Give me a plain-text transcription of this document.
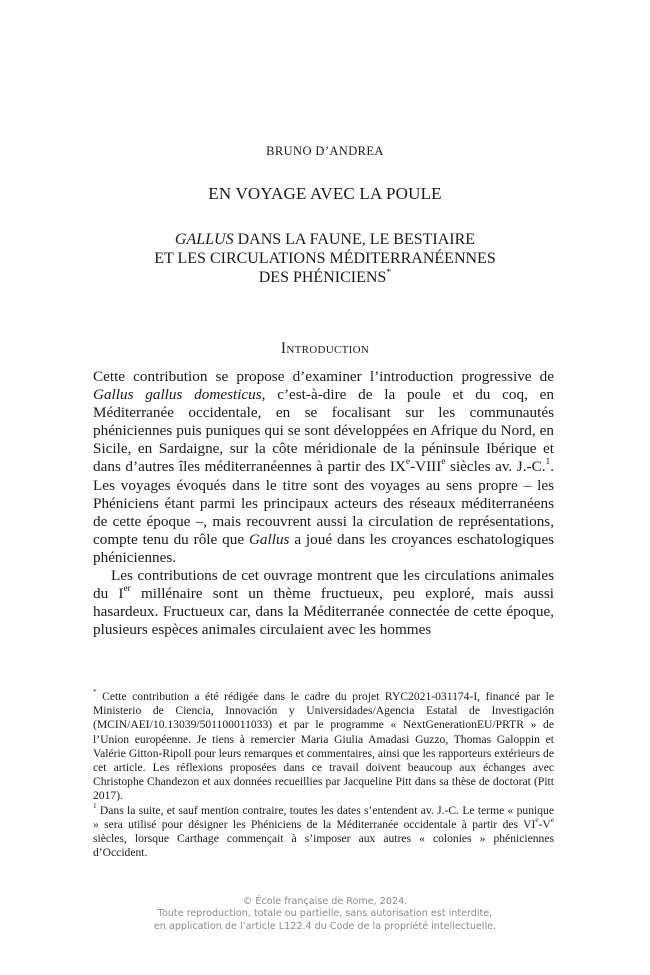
BRUNO D’ANDREA
EN VOYAGE AVEC LA POULE
GALLUS DANS LA FAUNE, LE BESTIAIRE
ET LES CIRCULATIONS MÉDITERRANÉENNES
DES PHÉNICIENS*
Introduction

Cette contribution se propose d’examiner l’introduction progressive de Gallus gallus domesticus, c’est-à-dire de la poule et du coq, en Méditerranée occidentale, en se focalisant sur les communautés phéniciennes puis puniques qui se sont développées en Afrique du Nord, en Sicile, en Sardaigne, sur la côte méridionale de la péninsule Ibérique et dans d’autres îles méditerranéennes à partir des IXe-VIIIe siècles av. J.-C.$^1$. Les voyages évoqués dans le titre sont des voyages au sens propre – les Phéniciens étant parmi les principaux acteurs des réseaux méditerranéens de cette époque –, mais recouvrent aussi la circulation de représentations, compte tenu du rôle que Gallus a joué dans les croyances eschatologiques phéniciennes.

Les contributions de cet ouvrage montrent que les circulations animales du Ier millénaire sont un thème fructueux, peu exploré, mais aussi hasardeux. Fructueux car, dans la Méditerranée connectée de cette époque, plusieurs espèces animales circulaient avec les hommes

* Cette contribution a été rédigée dans le cadre du projet RYC2021-031174-I, financé par le Ministerio de Ciencia, Innovación y Universidades/Agencia Estatal de Investigación (MCIN/AEI/10.13039/501100011033) et par le programme « NextGenerationEU/PRTR » de l’Union européenne. Je tiens à remercier Maria Giulia Amadasi Guzzo, Thomas Galoppin et Valérie Gitton-Ripoll pour leurs remarques et commentaires, ainsi que les rapporteurs extérieurs de cet article. Les réflexions proposées dans ce travail doivent beaucoup aux échanges avec Christophe Chandezon et aux données recueillies par Jacqueline Pitt dans sa thèse de doctorat (Pitt 2017).

$^1$ Dans la suite, et sauf mention contraire, toutes les dates s’entendent av. J.-C. Le terme « punique » sera utilisé pour désigner les Phéniciens de la Méditerranée occidentale à partir des VIe-Ve siècles, lorsque Carthage commençait à s’imposer aux autres « colonies » phéniciennes d’Occident.

© École française de Rome, 2024.
Toute reproduction, totale ou partielle, sans autorisation est interdite,
en application de l’article L122.4 du Code de la propriété intellectuelle.
